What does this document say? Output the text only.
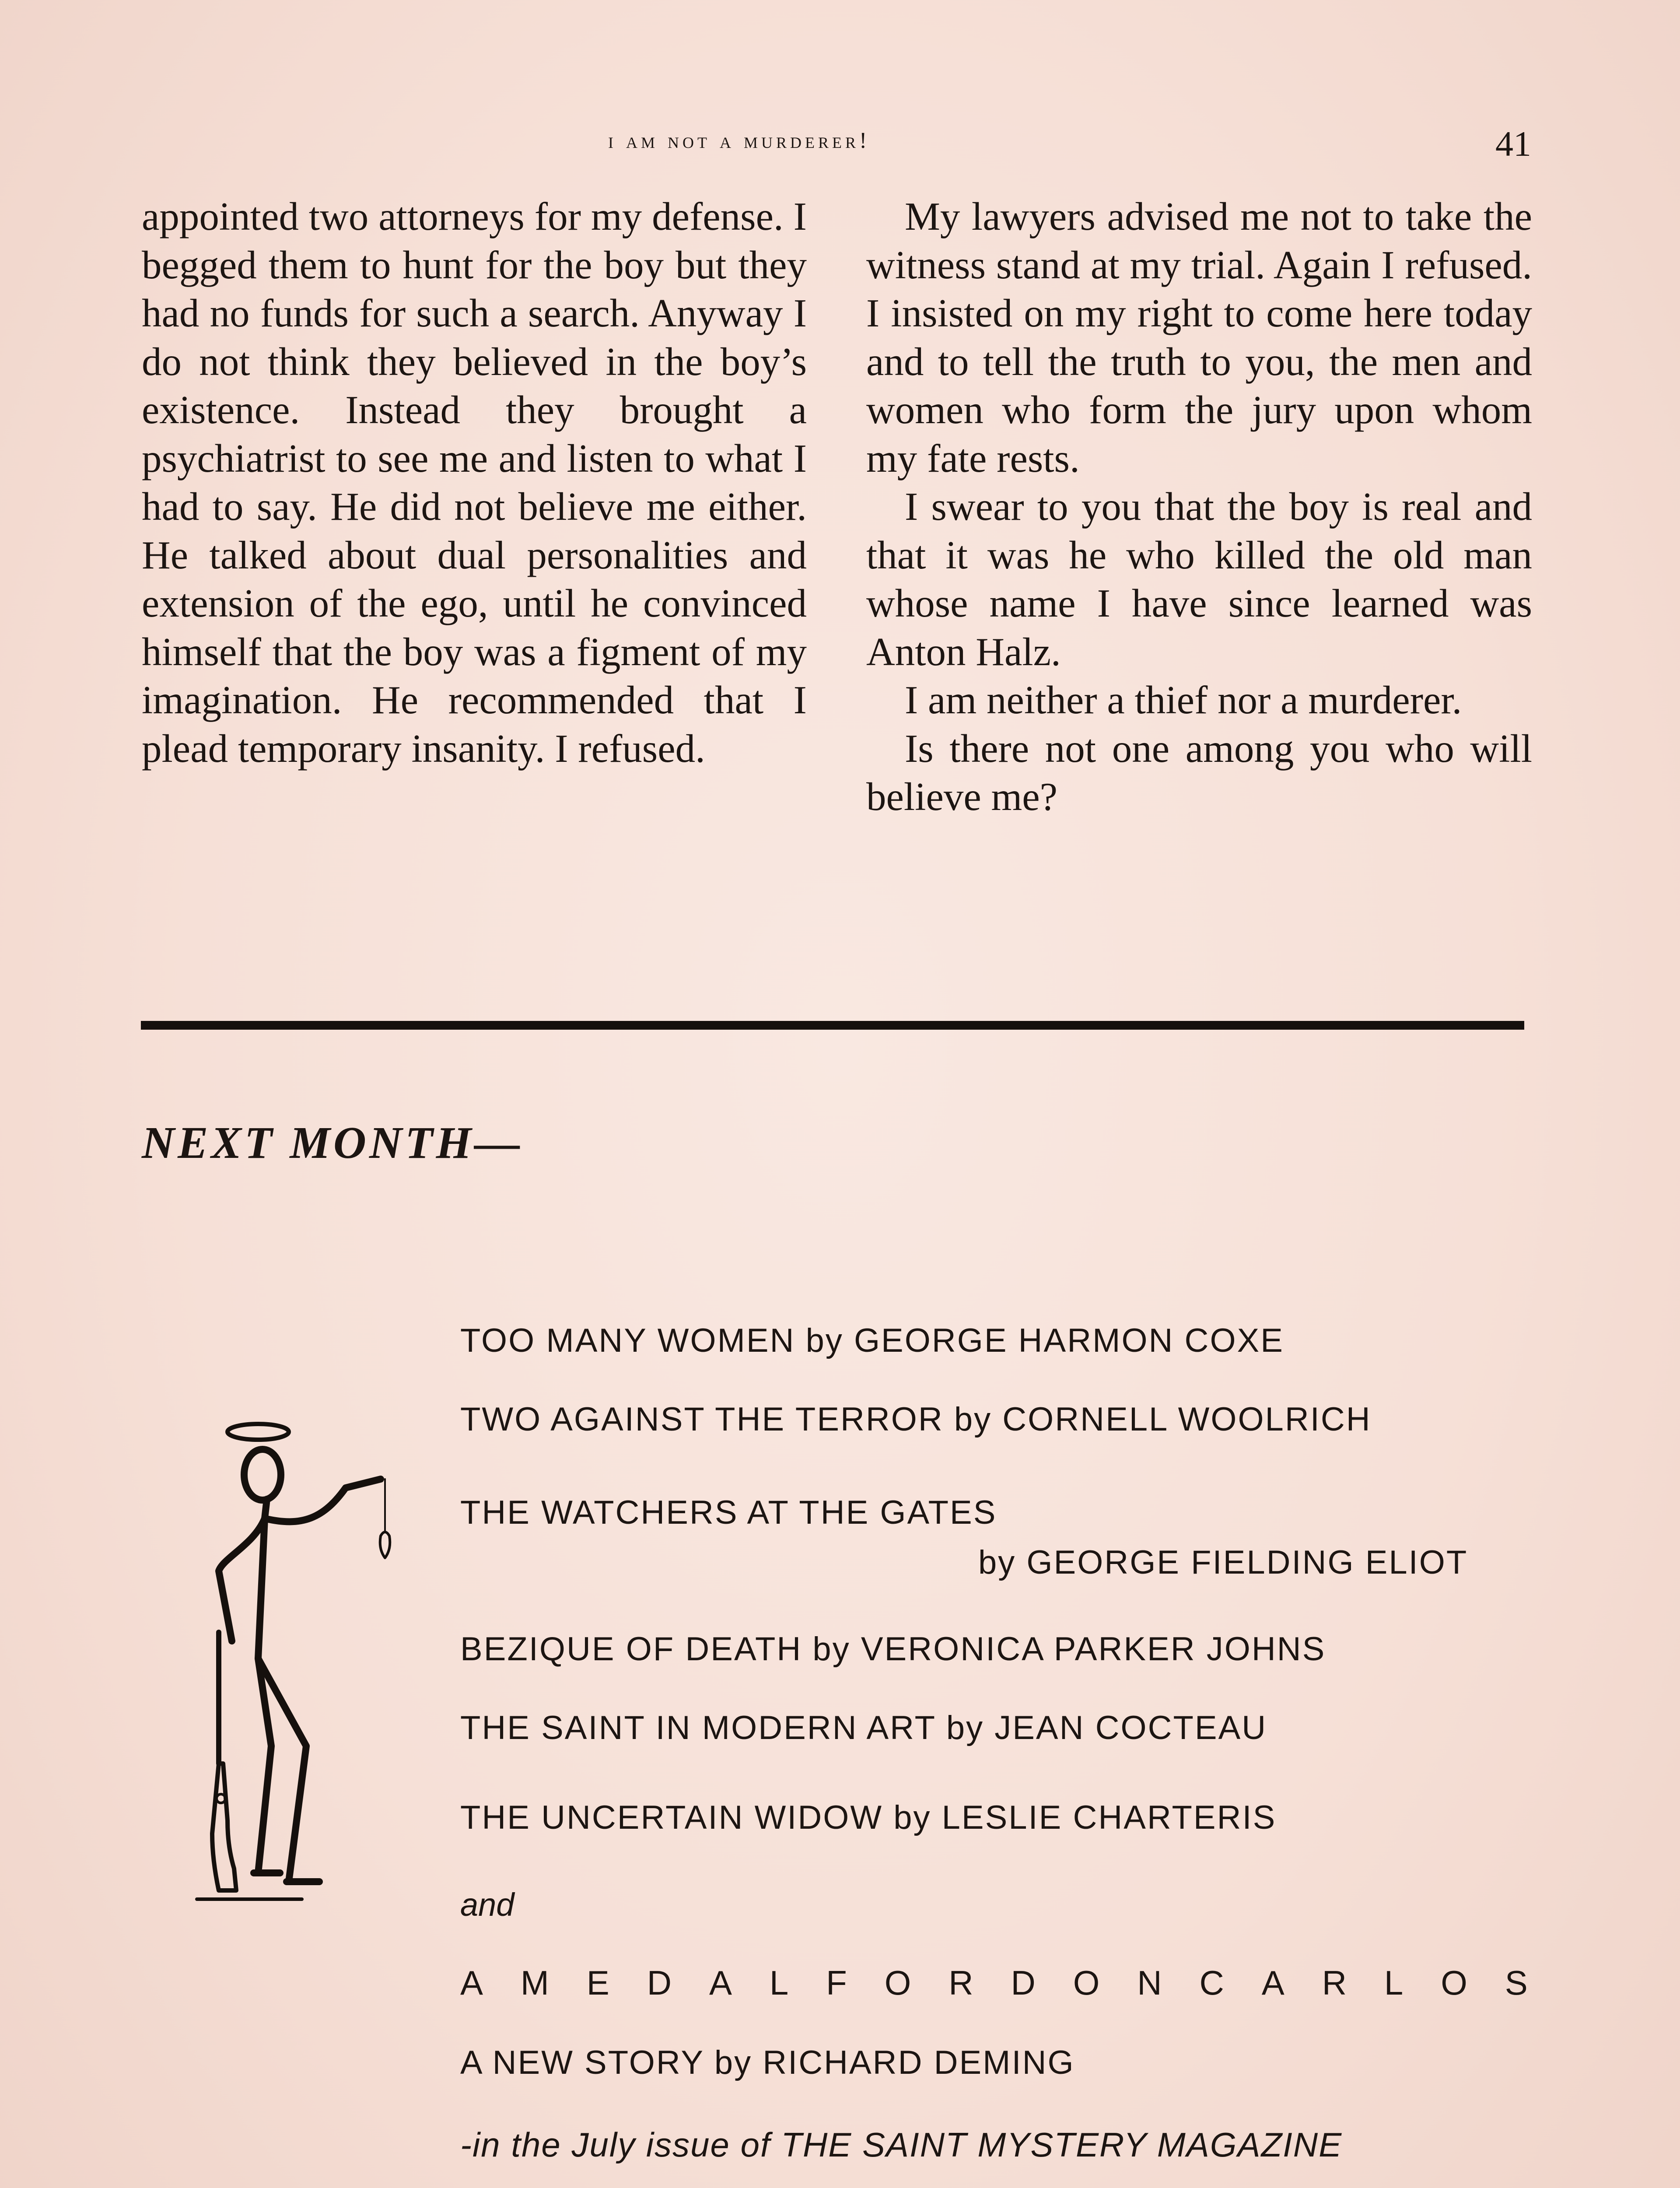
i am not a murderer!	41

appointed two attorneys for my defense. I begged them to hunt for the boy but they had no funds for such a search. Anyway I do not think they believed in the boy’s existence. Instead they brought a psychiatrist to see me and listen to what I had to say. He did not believe me either. He talked about dual personalities and extension of the ego, until he convinced himself that the boy was a figment of my imagination. He recommended that I plead temporary insanity. I refused.

My lawyers advised me not to take the witness stand at my trial. Again I refused. I insisted on my right to come here today and to tell the truth to you, the men and women who form the jury upon whom my fate rests.

I swear to you that the boy is real and that it was he who killed the old man whose name I have since learned was Anton Halz.

I am neither a thief nor a murderer.

Is there not one among you who will believe me?

NEXT MONTH—
TOO MANY WOMEN by GEORGE HARMON COXE
TWO AGAINST THE TERROR by CORNELL WOOLRICH
THE WATCHERS AT THE GATES
by GEORGE FIELDING ELIOT
BEZIQUE OF DEATH by VERONICA PARKER JOHNS
THE SAINT IN MODERN ART by JEAN COCTEAU
THE UNCERTAIN WIDOW by LESLIE CHARTERIS
and
A M E D A L F O R D O N C A R L O S
A NEW STORY by RICHARD DEMING
-in the July issue of THE SAINT MYSTERY MAGAZINE
